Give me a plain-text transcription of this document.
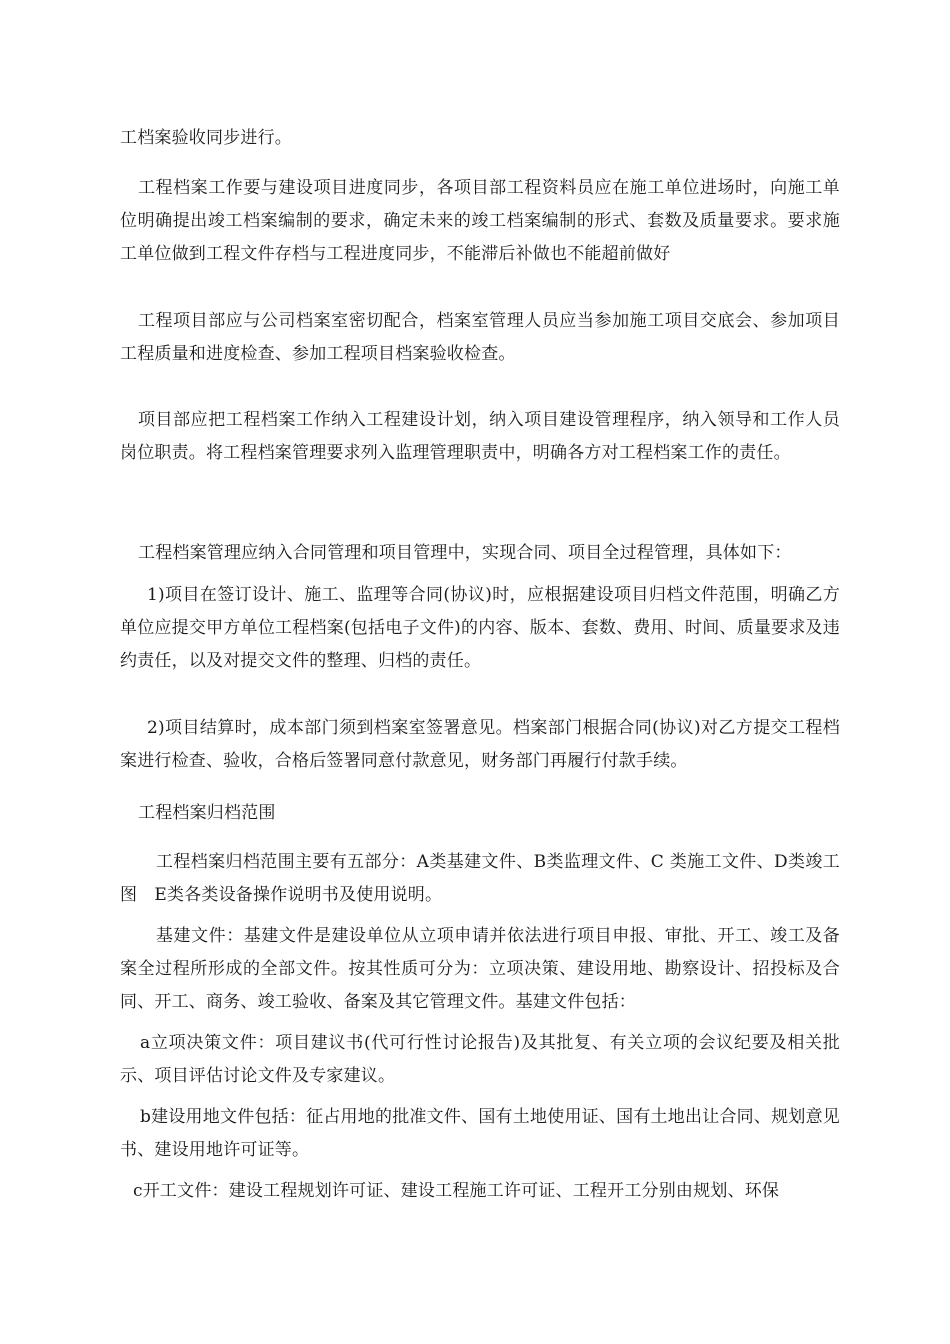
工档案验收同步进行。

工程档案工作要与建设项目进度同步，各项目部工程资料员应在施工单位进场时，向施工单位明确提出竣工档案编制的要求，确定未来的竣工档案编制的形式、套数及质量要求。要求施工单位做到工程文件存档与工程进度同步，不能滞后补做也不能超前做好

工程项目部应与公司档案室密切配合，档案室管理人员应当参加施工项目交底会、参加项目工程质量和进度检查、参加工程项目档案验收检查。

项目部应把工程档案工作纳入工程建设计划，纳入项目建设管理程序，纳入领导和工作人员岗位职责。将工程档案管理要求列入监理管理职责中，明确各方对工程档案工作的责任。

工程档案管理应纳入合同管理和项目管理中，实现合同、项目全过程管理，具体如下：

1)项目在签订设计、施工、监理等合同(协议)时，应根据建设项目归档文件范围，明确乙方单位应提交甲方单位工程档案(包括电子文件)的内容、版本、套数、费用、时间、质量要求及违约责任，以及对提交文件的整理、归档的责任。

2)项目结算时，成本部门须到档案室签署意见。档案部门根据合同(协议)对乙方提交工程档案进行检查、验收，合格后签署同意付款意见，财务部门再履行付款手续。

工程档案归档范围

工程档案归档范围主要有五部分：A类基建文件、B类监理文件、C 类施工文件、D类竣工图　E类各类设备操作说明书及使用说明。

基建文件：基建文件是建设单位从立项申请并依法进行项目申报、审批、开工、竣工及备案全过程所形成的全部文件。按其性质可分为：立项决策、建设用地、勘察设计、招投标及合同、开工、商务、竣工验收、备案及其它管理文件。基建文件包括：

a立项决策文件：项目建议书(代可行性讨论报告)及其批复、有关立项的会议纪要及相关批示、项目评估讨论文件及专家建议。

b建设用地文件包括：征占用地的批准文件、国有土地使用证、国有土地出让合同、规划意见书、建设用地许可证等。

c开工文件：建设工程规划许可证、建设工程施工许可证、工程开工分别由规划、环保
